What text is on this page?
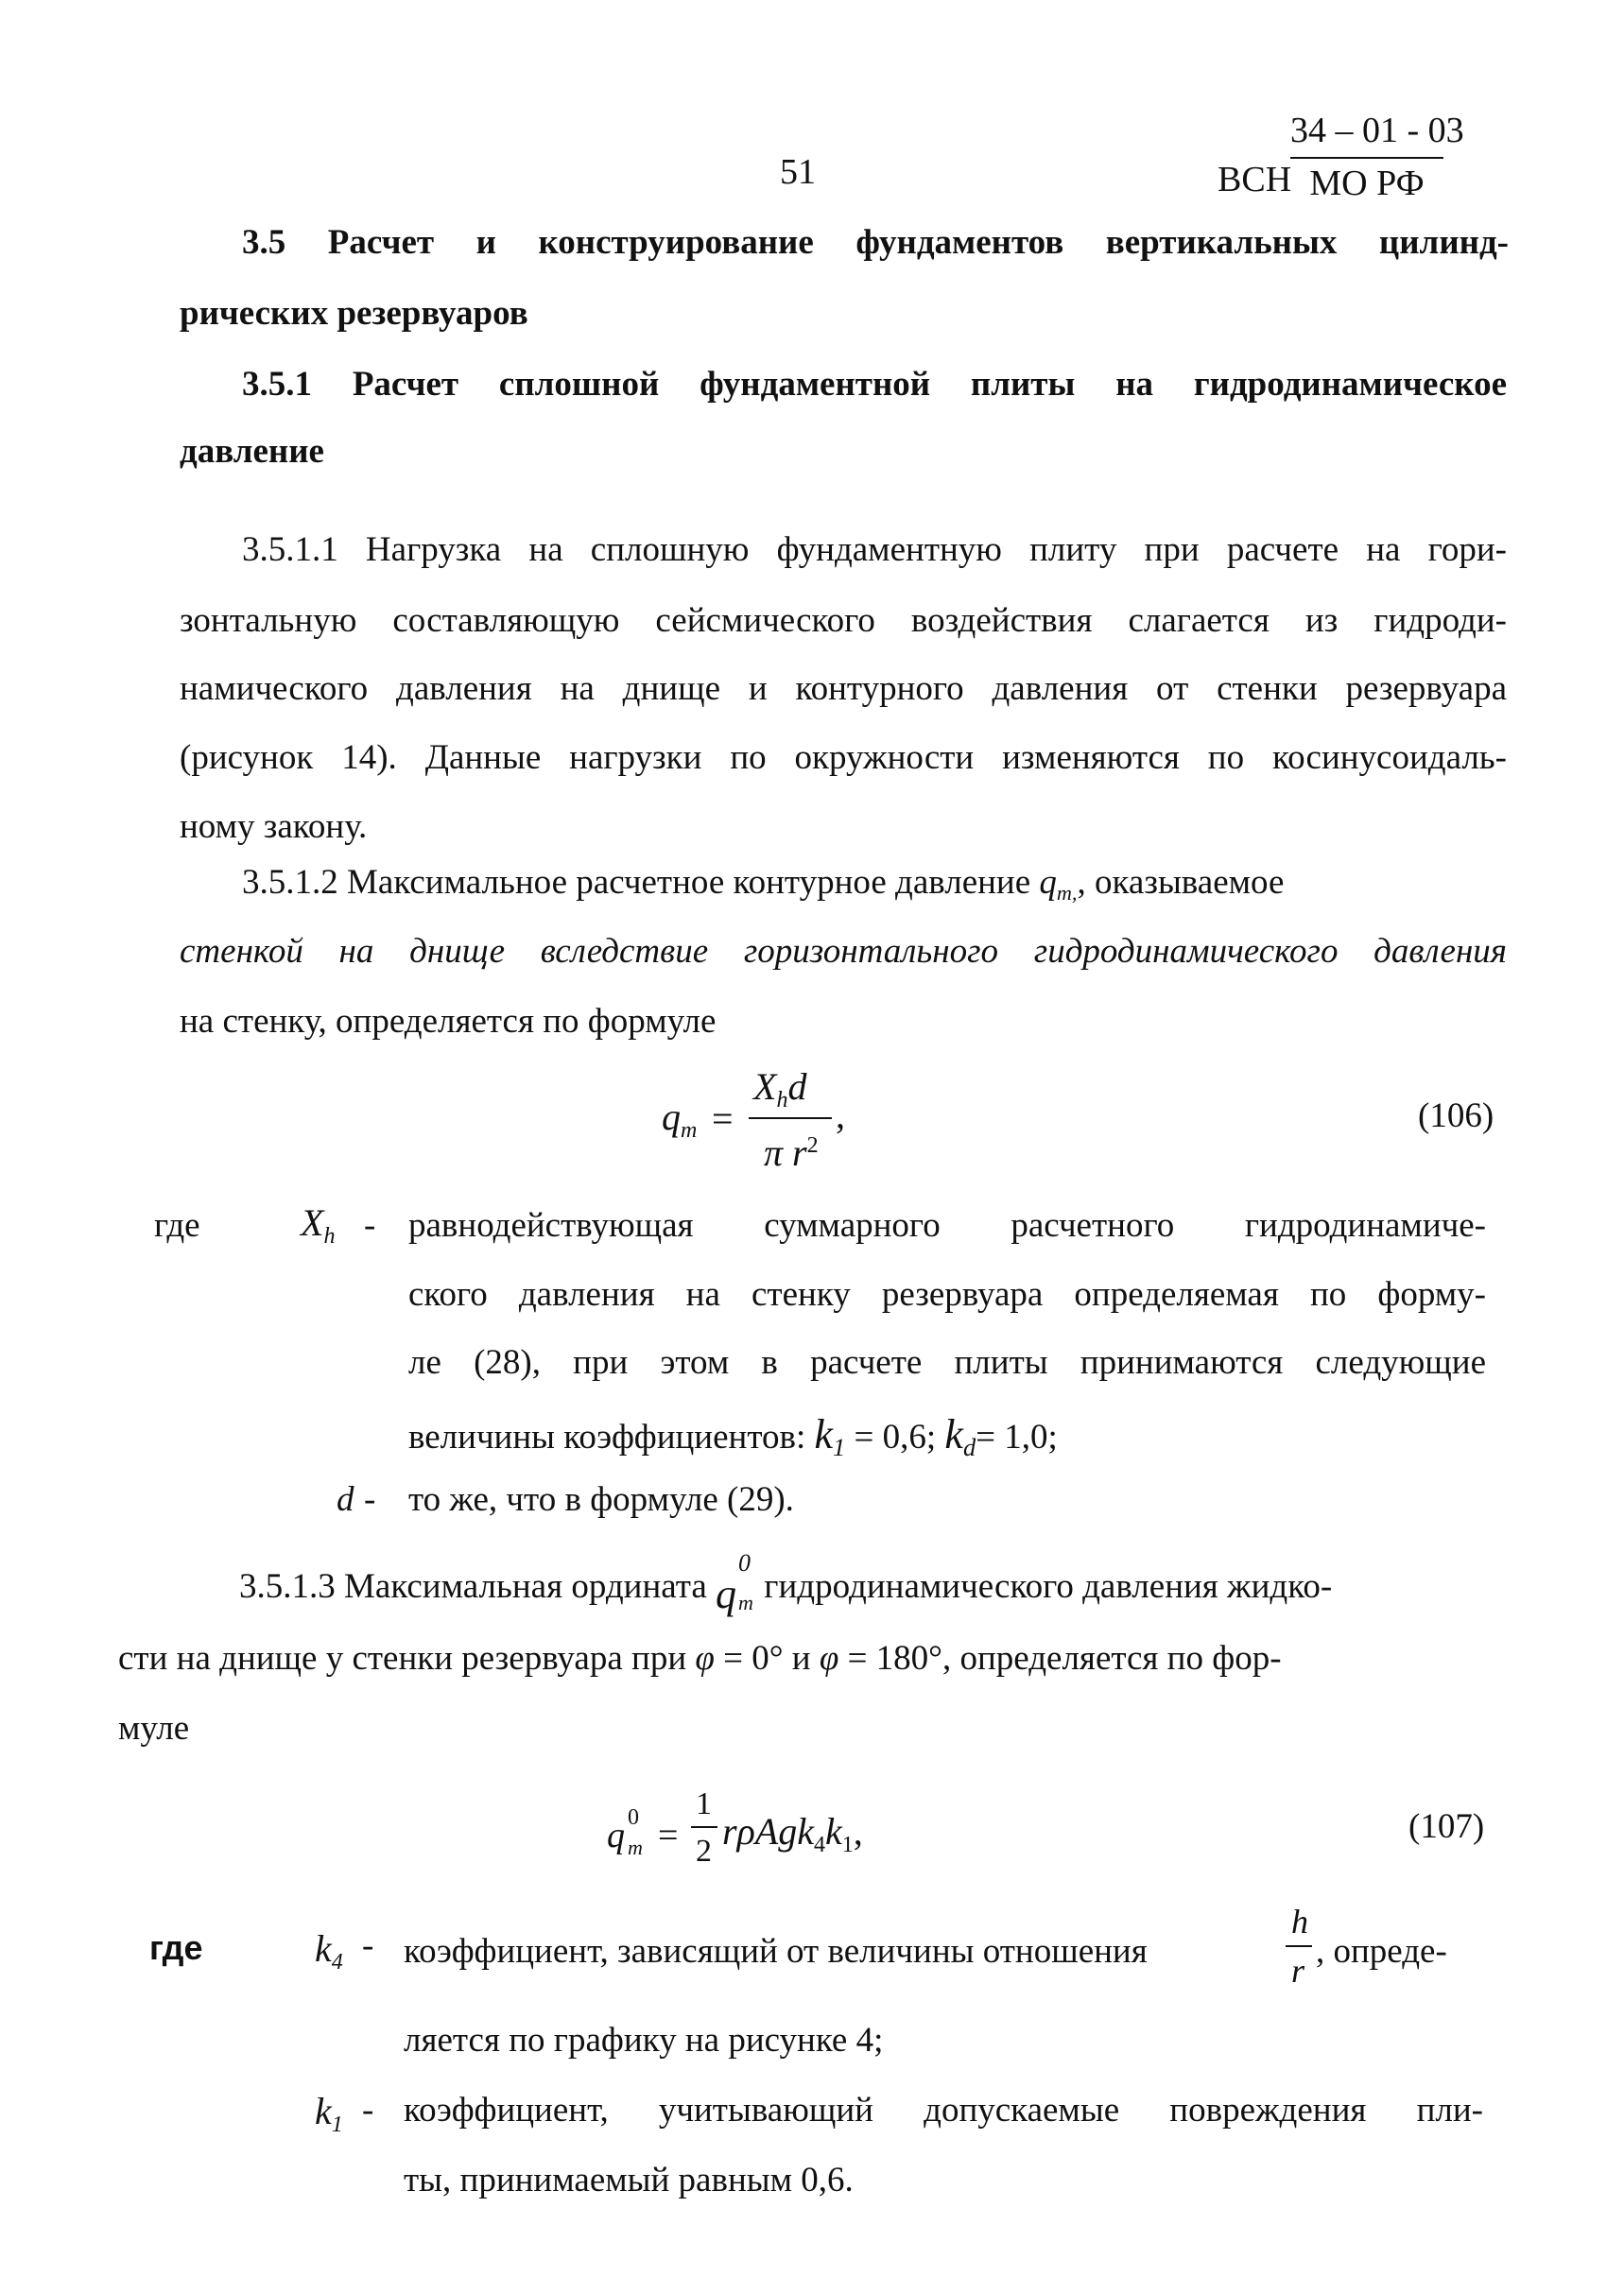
51	ВСН
34 – 01 - 03
МО РФ
3.5 Расчет и конструирование фундаментов вертикальных цилинд-
рических резервуаров
3.5.1 Расчет сплошной фундаментной плиты на гидродинамическое
давление
3.5.1.1 Нагрузка на сплошную фундаментную плиту при расчете на гори-
зонтальную составляющую сейсмического воздействия слагается из гидроди-
намического давления на днище и контурного давления от стенки резервуара
(рисунок 14). Данные нагрузки по окружности изменяются по косинусоидаль-
ному закону.
3.5.1.2 Максимальное расчетное контурное давление qm,, оказываемое
стенкой на днище вследствие горизонтального гидродинамического давления
на стенку, определяется по формуле
qm =
Xhd
π $r^2$
,	(106)
где	Xh - равнодействующая суммарного расчетного гидродинамиче-
ского давления на стенку резервуара определяемая по форму-
ле (28), при этом в расчете плиты принимаются следующие
величины коэффициентов: k1 = 0,6; kd= 1,0;
d - то же, что в формуле (29).
3.5.1.3 Максимальная ордината q
0
m гидродинамического давления жидко-
сти на днище у стенки резервуара при φ = 0° и φ = 180°, определяется по фор-
муле
q 0
m =
1
2 rρAgk4k1,	(107)
где	k4 - коэффициент, зависящий от величины отношения
h
r , опреде-
ляется по графику на рисунке 4;
k1 - коэффициент, учитывающий допускаемые повреждения пли-
ты, принимаемый равным 0,6.
